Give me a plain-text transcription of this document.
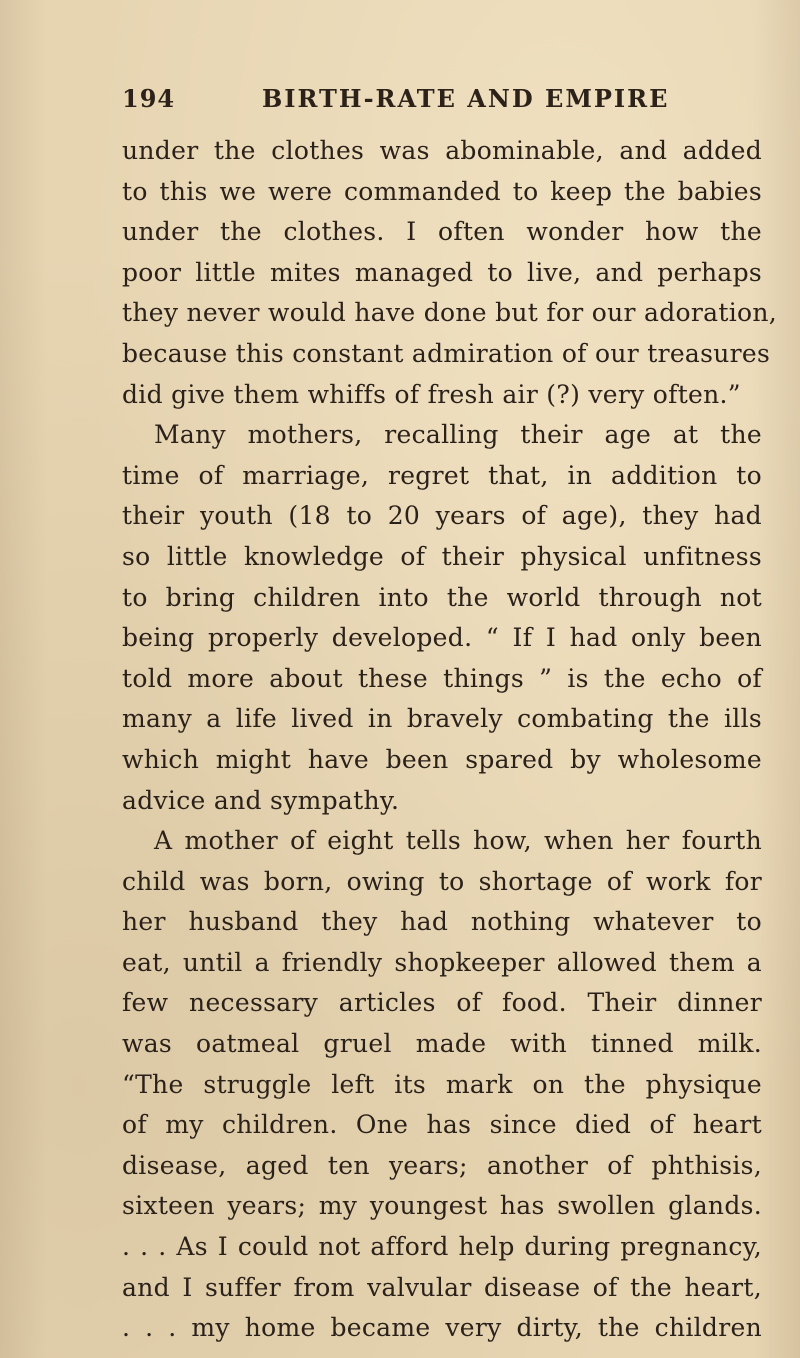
194	BIRTH-RATE AND EMPIRE
under the clothes was abominable, and added
to this we were commanded to keep the babies
under the clothes. I often wonder how the
poor little mites managed to live, and perhaps
they never would have done but for our adoration,
because this constant admiration of our treasures
did give them whiffs of fresh air (?) very often.”
Many mothers, recalling their age at the
time of marriage, regret that, in addition to
their youth (18 to 20 years of age), they had
so little knowledge of their physical unfitness
to bring children into the world through not
being properly developed. “ If I had only been
told more about these things ” is the echo of
many a life lived in bravely combating the ills
which might have been spared by wholesome
advice and sympathy.
A mother of eight tells how, when her fourth
child was born, owing to shortage of work for
her husband they had nothing whatever to
eat, until a friendly shopkeeper allowed them a
few necessary articles of food. Their dinner
was oatmeal gruel made with tinned milk.
“The struggle left its mark on the physique
of my children. One has since died of heart
disease, aged ten years; another of phthisis,
sixteen years; my youngest has swollen glands.
. . . As I could not afford help during pregnancy,
and I suffer from valvular disease of the heart,
. . . my home became very dirty, the children
